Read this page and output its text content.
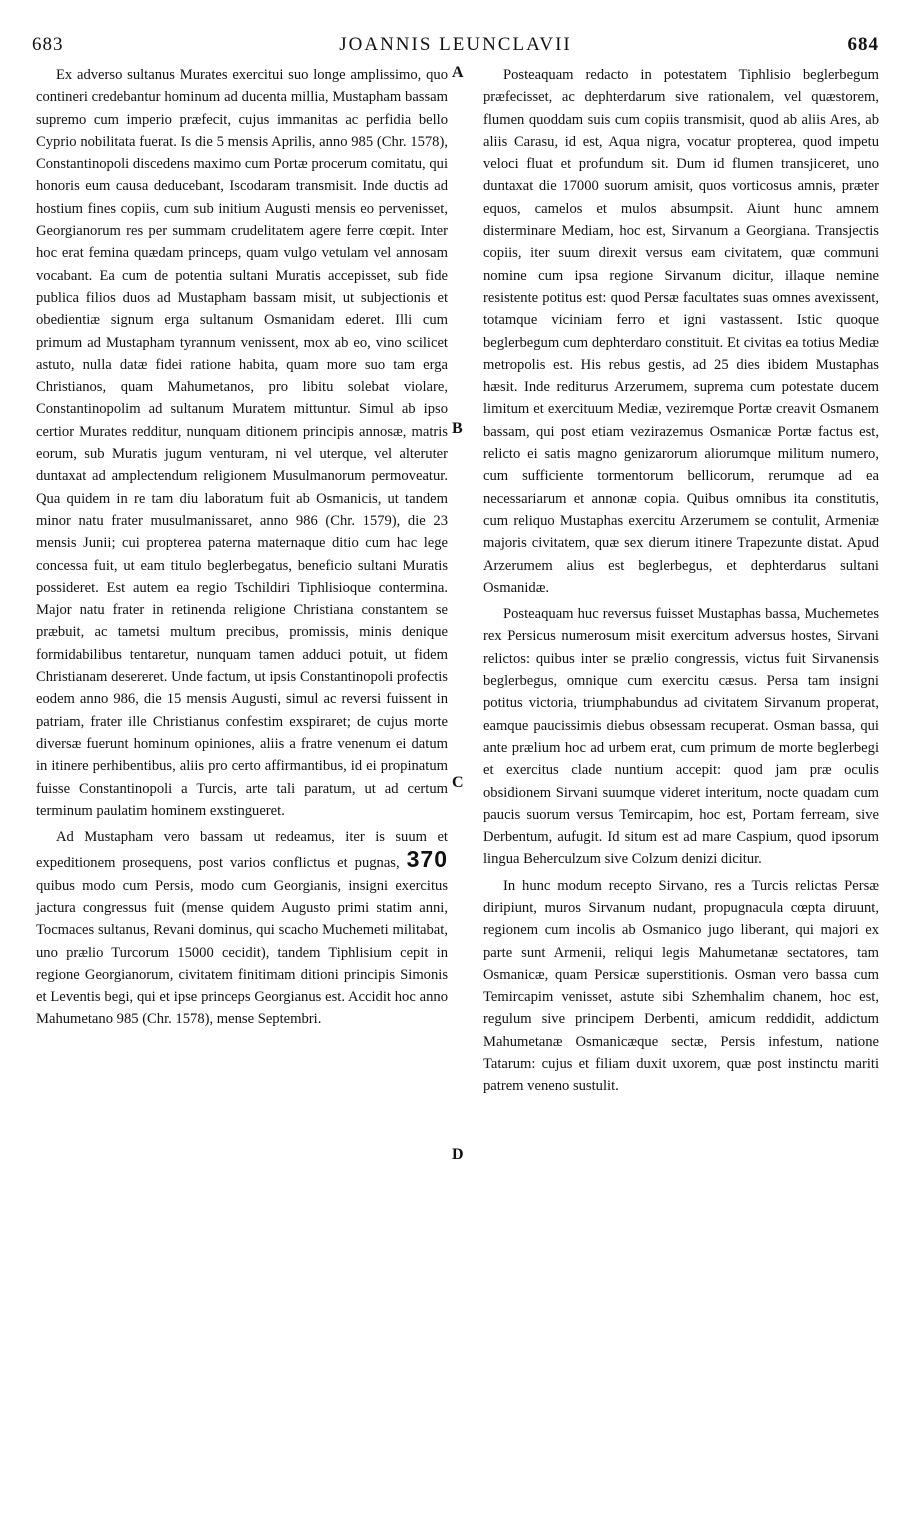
683	JOANNIS LEUNCLAVII	684
A
B
C
D

Ex adverso sultanus Murates exercitui suo longe amplissimo, quo contineri credebantur hominum ad ducenta millia, Mustapham bassam supremo cum imperio præfecit, cujus immanitas ac perfidia bello Cyprio nobilitata fuerat. Is die 5 mensis Aprilis, anno 985 (Chr. 1578), Constantinopoli discedens maximo cum Portæ procerum comitatu, qui honoris eum causa deducebant, Iscodaram transmisit. Inde ductis ad hostium fines copiis, cum sub initium Augusti mensis eo pervenisset, Georgianorum res per summam crudelitatem agere ferre cœpit. Inter hoc erat femina quædam princeps, quam vulgo vetulam vel annosam vocabant. Ea cum de potentia sultani Muratis accepisset, sub fide publica filios duos ad Mustapham bassam misit, ut subjectionis et obedientiæ signum erga sultanum Osmanidam ederet. Illi cum primum ad Mustapham tyrannum venissent, mox ab eo, vino scilicet astuto, nulla datæ fidei ratione habita, quam more suo tam erga Christianos, quam Mahumetanos, pro libitu solebat violare, Constantinopolim ad sultanum Muratem mittuntur. Simul ab ipso certior Murates redditur, nunquam ditionem principis annosæ, matris eorum, sub Muratis jugum venturam, ni vel uterque, vel alteruter duntaxat ad amplectendum religionem Musulmanorum permoveatur. Qua quidem in re tam diu laboratum fuit ab Osmanicis, ut tandem minor natu frater musulmanissaret, anno 986 (Chr. 1579), die 23 mensis Junii; cui propterea paterna maternaque ditio cum hac lege concessa fuit, ut eam titulo beglerbegatus, beneficio sultani Muratis possideret. Est autem ea regio Tschildiri Tiphlisioque contermina. Major natu frater in retinenda religione Christiana constantem se præbuit, ac tametsi multum precibus, promissis, minis denique formidabilibus tentaretur, nunquam tamen adduci potuit, ut fidem Christianam desereret. Unde factum, ut ipsis Constantinopoli profectis eodem anno 986, die 15 mensis Augusti, simul ac reversi fuissent in patriam, frater ille Christianus confestim exspiraret; de cujus morte diversæ fuerunt hominum opiniones, aliis a fratre venenum ei datum in itinere perhibentibus, aliis pro certo affirmantibus, id ei propinatum fuisse Constantinopoli a Turcis, arte tali paratum, ut ad certum terminum paulatim hominem exstingueret.

Ad Mustapham vero bassam ut redeamus, iter is suum et expeditionem prosequens, post varios conflictus et pugnas, 370 quibus modo cum Persis, modo cum Georgianis, insigni exercitus jactura congressus fuit (mense quidem Augusto primi statim anni, Tocmaces sultanus, Revani dominus, qui scacho Muchemeti militabat, uno prælio Turcorum 15000 cecidit), tandem Tiphlisium cepit in regione Georgianorum, civitatem finitimam ditioni principis Simonis et Leventis begi, qui et ipse princeps Georgianus est. Accidit hoc anno Mahumetano 985 (Chr. 1578), mense Septembri.

Posteaquam redacto in potestatem Tiphlisio beglerbegum præfecisset, ac dephterdarum sive rationalem, vel quæstorem, flumen quoddam suis cum copiis transmisit, quod ab aliis Ares, ab aliis Carasu, id est, Aqua nigra, vocatur propterea, quod impetu veloci fluat et profundum sit. Dum id flumen transjiceret, uno duntaxat die 17000 suorum amisit, quos vorticosus amnis, præter equos, camelos et mulos absumpsit. Aiunt hunc amnem disterminare Mediam, hoc est, Sirvanum a Georgiana. Transjectis copiis, iter suum direxit versus eam civitatem, quæ communi nomine cum ipsa regione Sirvanum dicitur, illaque nemine resistente potitus est: quod Persæ facultates suas omnes avexissent, totamque viciniam ferro et igni vastassent. Istic quoque beglerbegum cum dephterdaro constituit. Et civitas ea totius Mediæ metropolis est. His rebus gestis, ad 25 dies ibidem Mustaphas hæsit. Inde rediturus Arzerumem, suprema cum potestate ducem limitum et exercituum Mediæ, veziremque Portæ creavit Osmanem bassam, qui post etiam vezirazemus Osmanicæ Portæ factus est, relicto ei satis magno genizarorum aliorumque militum numero, cum sufficiente tormentorum bellicorum, rerumque ad ea necessariarum et annonæ copia. Quibus omnibus ita constitutis, cum reliquo Mustaphas exercitu Arzerumem se contulit, Armeniæ majoris civitatem, quæ sex dierum itinere Trapezunte distat. Apud Arzerumem alius est beglerbegus, et dephterdarus sultani Osmanidæ.

Posteaquam huc reversus fuisset Mustaphas bassa, Muchemetes rex Persicus numerosum misit exercitum adversus hostes, Sirvani relictos: quibus inter se prælio congressis, victus fuit Sirvanensis beglerbegus, omnique cum exercitu cæsus. Persa tam insigni potitus victoria, triumphabundus ad civitatem Sirvanum properat, eamque paucissimis diebus obsessam recuperat. Osman bassa, qui ante prælium hoc ad urbem erat, cum primum de morte beglerbegi et exercitus clade nuntium accepit: quod jam præ oculis obsidionem Sirvani suumque videret interitum, nocte quadam cum paucis suorum versus Temircapim, hoc est, Portam ferream, sive Derbentum, aufugit. Id situm est ad mare Caspium, quod ipsorum lingua Beherculzum sive Colzum denizi dicitur.

In hunc modum recepto Sirvano, res a Turcis relictas Persæ diripiunt, muros Sirvanum nudant, propugnacula cœpta diruunt, regionem cum incolis ab Osmanico jugo liberant, qui majori ex parte sunt Armenii, reliqui legis Mahumetanæ sectatores, tam Osmanicæ, quam Persicæ superstitionis. Osman vero bassa cum Temircapim venisset, astute sibi Szhemhalim chanem, hoc est, regulum sive principem Derbenti, amicum reddidit, addictum Mahumetanæ Osmanicæque sectæ, Persis infestum, natione Tatarum: cujus et filiam duxit uxorem, quæ post instinctu mariti patrem veneno sustulit.
